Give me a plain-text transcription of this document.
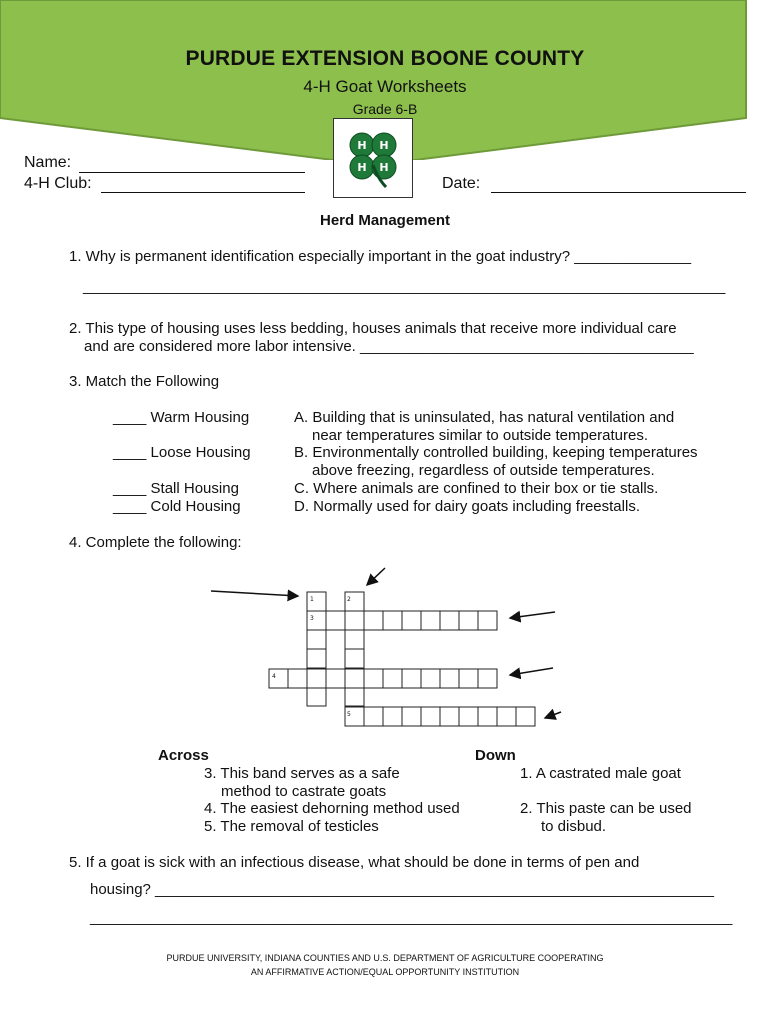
PURDUE EXTENSION BOONE COUNTY
4-H Goat Worksheets
Grade 6-B
H H
H H
Name:
4-H Club:	Date:
Herd Management
1. Why is permanent identification especially important in the goat industry? ______________
_____________________________________________________________________________
2. This type of housing uses less bedding, houses animals that receive more individual care
and are considered more labor intensive. ________________________________________
3. Match the Following
____ Warm Housing
____ Loose Housing
____ Stall Housing
____ Cold Housing
A. Building that is uninsulated, has natural ventilation and
near temperatures similar to outside temperatures.
B. Environmentally controlled building, keeping temperatures
above freezing, regardless of outside temperatures.
C. Where animals are confined to their box or tie stalls.
D. Normally used for dairy goats including freestalls.
4. Complete the following:
1	2
3
4
5
Across
3. This band serves as a safe
method to castrate goats
4. The easiest dehorning method used
5. The removal of testicles
Down
1. A castrated male goat
2. This paste can be used
to disbud.
5. If a goat is sick with an infectious disease, what should be done in terms of pen and
housing? ___________________________________________________________________
_____________________________________________________________________________
PURDUE UNIVERSITY, INDIANA COUNTIES AND U.S. DEPARTMENT OF AGRICULTURE COOPERATING
AN AFFIRMATIVE ACTION/EQUAL OPPORTUNITY INSTITUTION
